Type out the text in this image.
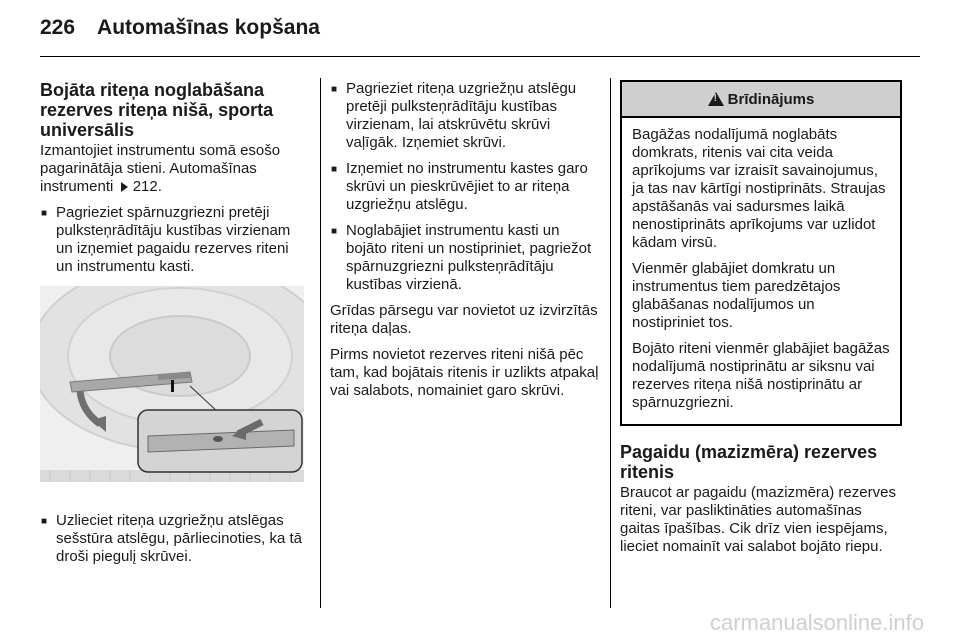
226 Automašīnas kopšana
Bojāta riteņa noglabāšana rezerves riteņa nišā, sporta universālis

Izmantojiet instrumentu somā esošo pagarinātāja stieni. Automašīnas instrumenti 212.

■ Pagrieziet spārnuzgriezni pretēji pulksteņrādītāju kustības virzienam un izņemiet pagaidu rezerves riteni un instrumentu kasti.
■ Uzlieciet riteņa uzgriežņu atslēgas sešstūra atslēgu, pārliecinoties, ka tā droši piegulį skrūvei.
■ Pagrieziet riteņa uzgriežņu atslēgu pretēji pulksteņrādītāju kustības virzienam, lai atskrūvētu skrūvi vaļīgāk. Izņemiet skrūvi.
■ Izņemiet no instrumentu kastes garo skrūvi un pieskrūvējiet to ar riteņa uzgriežņu atslēgu.
■ Noglabājiet instrumentu kasti un bojāto riteni un nostipriniet, pagriežot spārnuzgriezni pulksteņrādītāju kustības virzienā.

Grīdas pārsegu var novietot uz izvirzītās riteņa daļas.

Pirms novietot rezerves riteni nišā pēc tam, kad bojātais ritenis ir uzlikts atpakaļ vai salabots, nomainiet garo skrūvi.

! Brīdinājums

Bagāžas nodalījumā noglabāts domkrats, ritenis vai cita veida aprīkojums var izraisīt savainojumus, ja tas nav kārtīgi nostiprināts. Straujas apstāšanās vai sadursmes laikā nenostiprināts aprīkojums var uzlidot kādam virsū.

Vienmēr glabājiet domkratu un instrumentus tiem paredzētajos glabāšanas nodalījumos un nostipriniet tos.

Bojāto riteni vienmēr glabājiet bagāžas nodalījumā nostiprinātu ar siksnu vai rezerves riteņa nišā nostiprinātu ar spārnuzgriezni.

Pagaidu (mazizmēra) rezerves ritenis

Braucot ar pagaidu (mazizmēra) rezerves riteni, var pasliktināties automašīnas gaitas īpašības. Cik drīz vien iespējams, lieciet nomainīt vai salabot bojāto riepu.

carmanualsonline.info
